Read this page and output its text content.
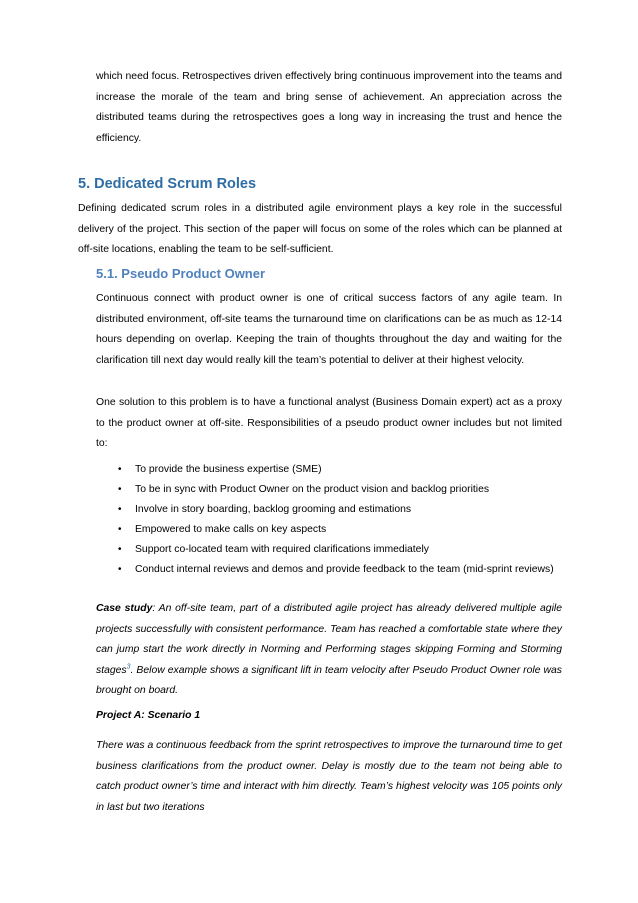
which need focus. Retrospectives driven effectively bring continuous improvement into the teams and increase the morale of the team and bring sense of achievement. An appreciation across the distributed teams during the retrospectives goes a long way in increasing the trust and hence the efficiency.

5. Dedicated Scrum Roles

Defining dedicated scrum roles in a distributed agile environment plays a key role in the successful delivery of the project. This section of the paper will focus on some of the roles which can be planned at off-site locations, enabling the team to be self-sufficient.

5.1. Pseudo Product Owner

Continuous connect with product owner is one of critical success factors of any agile team. In distributed environment, off-site teams the turnaround time on clarifications can be as much as 12-14 hours depending on overlap. Keeping the train of thoughts throughout the day and waiting for the clarification till next day would really kill the team’s potential to deliver at their highest velocity.

One solution to this problem is to have a functional analyst (Business Domain expert) act as a proxy to the product owner at off-site. Responsibilities of a pseudo product owner includes but not limited to:

• To provide the business expertise (SME)
• To be in sync with Product Owner on the product vision and backlog priorities
• Involve in story boarding, backlog grooming and estimations
• Empowered to make calls on key aspects
• Support co-located team with required clarifications immediately
• Conduct internal reviews and demos and provide feedback to the team (mid-sprint reviews)

Case study: An off-site team, part of a distributed agile project has already delivered multiple agile projects successfully with consistent performance. Team has reached a comfortable state where they can jump start the work directly in Norming and Performing stages skipping Forming and Storming stages$^3$. Below example shows a significant lift in team velocity after Pseudo Product Owner role was brought on board.

Project A: Scenario 1

There was a continuous feedback from the sprint retrospectives to improve the turnaround time to get business clarifications from the product owner. Delay is mostly due to the team not being able to catch product owner’s time and interact with him directly. Team’s highest velocity was 105 points only in last but two iterations
